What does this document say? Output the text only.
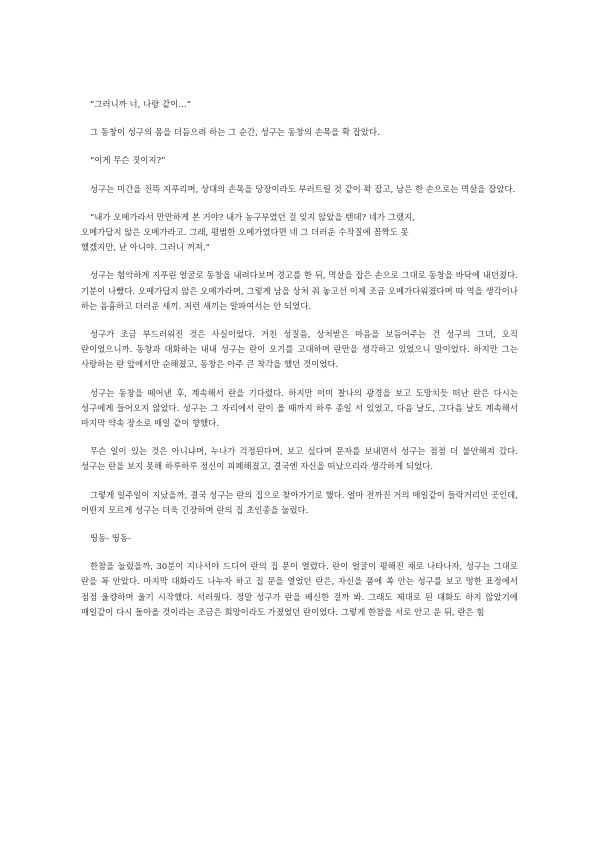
“그러니까 너, 나랑 같이…”

그 동창이 성구의 몸을 더듬으려 하는 그 순간, 성구는 동창의 손목을 확 잡았다.

“이게 무슨 짓이지?”

성구는 미간을 진뜩 지푸리며, 상대의 손목을 당장이라도 부러트릴 것 같이 꽉 잡고, 남은 한 손으로는 멱살을 잡았다.

“내가 오메가라서 만만하게 본 거야? 내가 농구부였던 걸 잊지 않았을 텐데? 네가 그랬지,
오메가답지 않은 오메가라고. 그래, 평범한 오메가였다면 네 그 더러운 수작질에 꼼짝도 못
했겠지만, 난 아니야. 그러니 꺼져.”

성구는 험악하게 지푸린 얼굴로 동창을 내려다보며 경고를 한 뒤, 멱살을 잡은 손으로 그대로 동창을 바닥에 내던졌다. 기분이 나빴다. 오메가답지 않은 오메가라며, 그렇게 남을 상처 줘 놓고선 이제 조금 오메가다워졌다며 따 역을 생각이나 하는 음흉하고 더러운 새끼. 저런 새끼는 알파여서는 안 되었다.

성구가 조금 부드러워진 것은 사실이었다. 거친 성질음, 상처받은 마음을 보듬어주는 건 성구의 그녀, 오직 란이었으니까. 동창과 대화하는 내내 성구는 란이 오기를 고대하며 란만을 생각하고 있었으니 말이었다. 하지만 그는 사랑하는 란 앞에서만 순해졌고, 동창은 아주 큰 착각을 했던 것이었다.

성구는 동창을 떼어낸 후, 계속해서 란을 기다렸다. 하지만 이미 찰나의 광경을 보고 도망치듯 떠난 란은 다시는 성구에게 들어오지 않았다. 성구는 그 자리에서 란이 올 때까지 하루 종일 서 있었고, 다음 날도, 그다음 날도 계속해서 마지막 약속 장소로 매일 같이 향했다.

무슨 일이 있는 것은 아니냐며, 누나가 걱정된다며, 보고 싶다며 문자를 보내면서 성구는 점점 더 불안해져 갔다. 성구는 란을 보지 못해 하루하루 정신이 피폐해졌고, 결국엔 자신을 떠났으리라 생각하게 되었다.

그렇게 일주일이 지났을까, 결국 성구는 란의 집으로 찾아가기로 했다. 얼마 전까진 거의 매일같이 들락거리던 곳인데, 어떤지 모르게 성구는 더욱 긴장하며 란의 집 초인종을 눌렀다.

띵동- 띵동-

한참을 눌렀을까, 30분이 지나서야 드디어 란의 집 문이 열렸다. 란이 얼굴이 평해진 채로 나타나자, 성구는 그대로 란을 꼭 안았다. 마지막 대화라도 나누자 하고 집 문을 열었던 란은, 자신을 품에 쏙 안는 성구를 보고 멍한 표정에서 점점 울컁하며 울기 시작했다. 서러웠다. 정말 성구가 란을 배신한 걸까 봐. 그래도 제대로 된 대화도 하지 않았기에 매일같이 다시 돌아올 것이라는 조금은 희망이라도 가졌었던 란이었다. 그렇게 한참을 서로 안고 운 뒤, 란은 힘
